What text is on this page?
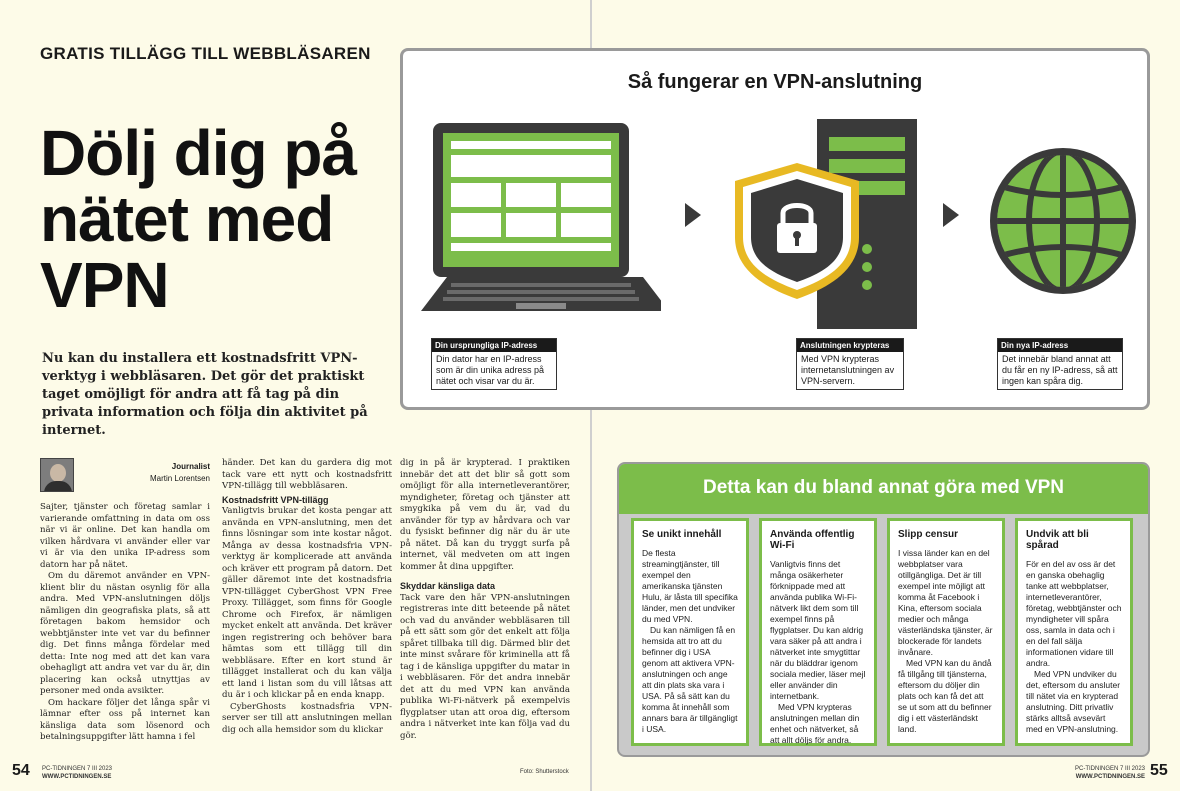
GRATIS TILLÄGG TILL WEBBLÄSAREN
Dölj dig på nätet med VPN
Nu kan du installera ett kostnadsfritt VPN-verktyg i webbläsaren. Det gör det praktiskt taget omöjligt för andra att få tag på din privata information och följa din aktivitet på internet.
Journalist
Martin Lorentsen

Sajter, tjänster och företag samlar i varierande omfattning in data om oss när vi är online. Det kan handla om vilken hårdvara vi använder eller var vi är via den unika IP-adress som datorn har på nätet.

Om du däremot använder en VPN-klient blir du nästan osynlig för alla andra. Med VPN-anslutningen döljs nämligen din geografiska plats, så att företagen bakom hemsidor och webbtjänster inte vet var du befinner dig. Det finns många fördelar med detta: Inte nog med att det kan vara obehagligt att andra vet var du är, din placering kan också utnyttjas av personer med onda avsikter.

Om hackare följer det långa spår vi lämnar efter oss på internet kan känsliga data som lösenord och betalningsuppgifter lätt hamna i fel

händer. Det kan du gardera dig mot tack vare ett nytt och kostnadsfritt VPN-tillägg till webbläsaren.

Kostnadsfritt VPN-tillägg

Vanligtvis brukar det kosta pengar att använda en VPN-anslutning, men det finns lösningar som inte kostar något. Många av dessa kostnadsfria VPN-verktyg är komplicerade att använda och kräver ett program på datorn. Det gäller däremot inte det kostnadsfria VPN-tillägget CyberGhost VPN Free Proxy. Tillägget, som finns för Google Chrome och Firefox, är nämligen mycket enkelt att använda. Det kräver ingen registrering och behöver bara hämtas som ett tillägg till din webbläsare. Efter en kort stund är tillägget installerat och du kan välja ett land i listan som du vill låtsas att du är i och klickar på en enda knapp.

CyberGhosts kostnadsfria VPN-server ser till att anslutningen mellan dig och alla hemsidor som du klickar

dig in på är krypterad. I praktiken innebär det att det blir så gott som omöjligt för alla internetleverantörer, myndigheter, företag och tjänster att smygkika på vem du är, vad du använder för typ av hårdvara och var du fysiskt befinner dig när du är ute på nätet. Då kan du tryggt surfa på internet, väl medveten om att ingen kommer åt dina uppgifter.

Skyddar känsliga data

Tack vare den här VPN-anslutningen registreras inte ditt beteende på nätet och vad du använder webbläsaren till på ett sätt som gör det enkelt att följa spåret tillbaka till dig. Därmed blir det inte minst svårare för kriminella att få tag i de känsliga uppgifter du matar in i webbläsaren. För det andra innebär det att du med VPN kan använda publika Wi-Fi-nätverk på exempelvis flygplatser utan att oroa dig, eftersom andra i nätverket inte kan följa vad du gör.

54 PC-TIDNINGEN 7 III 2023
WWW.PCTIDNINGEN.SE
Foto: Shutterstock	55
PC-TIDNINGEN 7 III 2023
WWW.PCTIDNINGEN.SE
Så fungerar en VPN-anslutning
Din ursprungliga IP-adress
Din dator har en IP-adress som är din unika adress på nätet och visar var du är.
Anslutningen krypteras
Med VPN krypteras internetanslutningen av VPN-servern.
Din nya IP-adress
Det innebär bland annat att du får en ny IP-adress, så att ingen kan spåra dig.
Detta kan du bland annat göra med VPN
Se unikt innehåll

De flesta streamingtjänster, till exempel den amerikanska tjänsten Hulu, är låsta till specifika länder, men det undviker du med VPN.

Du kan nämligen få en hemsida att tro att du befinner dig i USA genom att aktivera VPN-anslutningen och ange att din plats ska vara i USA. På så sätt kan du komma åt innehåll som annars bara är tillgängligt i USA.

Använda offentlig Wi-Fi

Vanligtvis finns det många osäkerheter förknippade med att använda publika Wi-Fi-nätverk likt dem som till exempel finns på flygplatser. Du kan aldrig vara säker på att andra i nätverket inte smygtittar när du bläddrar igenom sociala medier, läser mejl eller använder din internetbank.

Med VPN krypteras anslutningen mellan din enhet och nätverket, så att allt döljs för andra.

Slipp censur

I vissa länder kan en del webbplatser vara otillgängliga. Det är till exempel inte möjligt att komma åt Facebook i Kina, eftersom sociala medier och många västerländska tjänster, är blockerade för landets invånare.

Med VPN kan du ändå få tillgång till tjänsterna, eftersom du döljer din plats och kan få det att se ut som att du befinner dig i ett västerländskt land.

Undvik att bli spårad

För en del av oss är det en ganska obehaglig tanke att webbplatser, internetleverantörer, företag, webbtjänster och myndigheter vill spåra oss, samla in data och i en del fall sälja informationen vidare till andra.

Med VPN undviker du det, eftersom du ansluter till nätet via en krypterad anslutning. Ditt privatliv stärks alltså avsevärt med en VPN-anslutning.
